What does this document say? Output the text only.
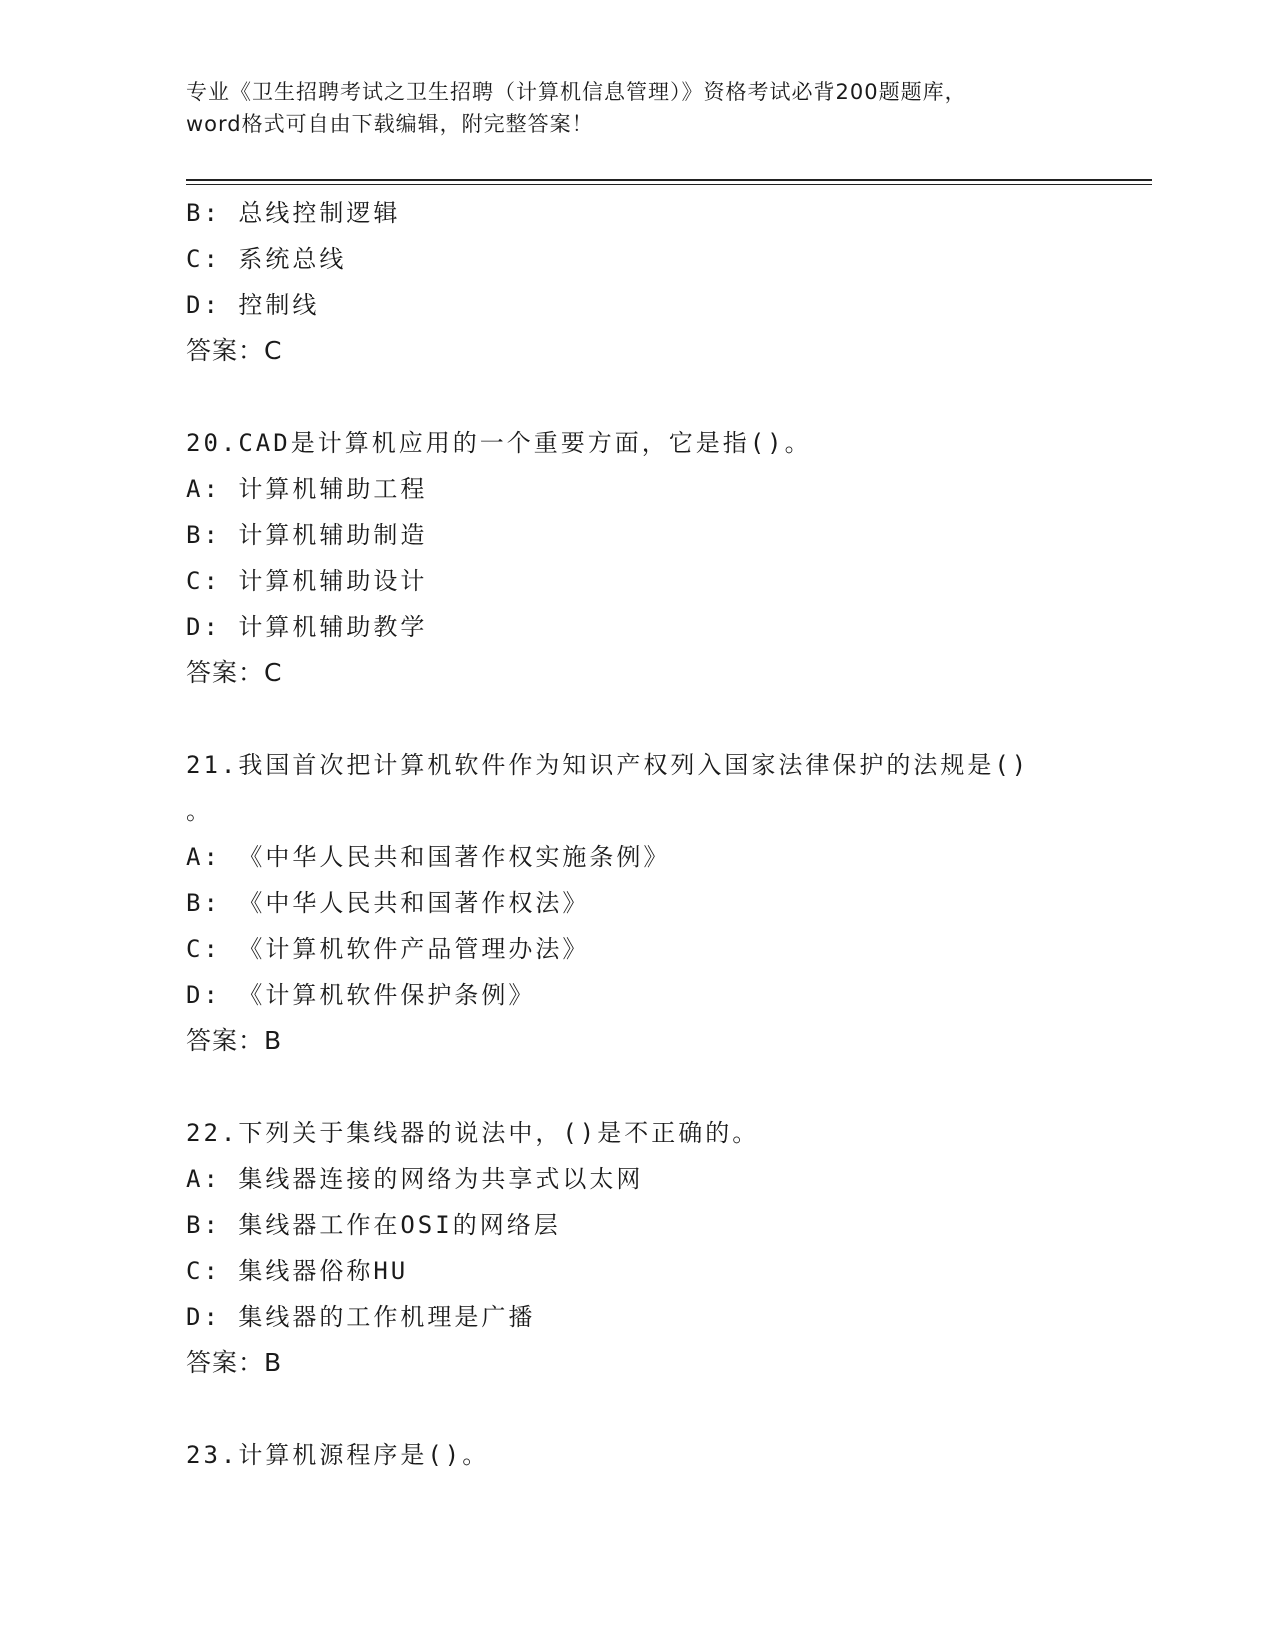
专业《卫生招聘考试之卫生招聘（计算机信息管理）》资格考试必背200题题库，
word格式可自由下载编辑，附完整答案！
B: 总线控制逻辑
C: 系统总线
D: 控制线
答案：C
20.CAD是计算机应用的一个重要方面，它是指()。
A: 计算机辅助工程
B: 计算机辅助制造
C: 计算机辅助设计
D: 计算机辅助教学
答案：C
21.我国首次把计算机软件作为知识产权列入国家法律保护的法规是()
。
A: 《中华人民共和国著作权实施条例》
B: 《中华人民共和国著作权法》
C: 《计算机软件产品管理办法》
D: 《计算机软件保护条例》
答案：B
22.下列关于集线器的说法中，()是不正确的。
A: 集线器连接的网络为共享式以太网
B: 集线器工作在OSI的网络层
C: 集线器俗称HU
D: 集线器的工作机理是广播
答案：B
23.计算机源程序是()。
